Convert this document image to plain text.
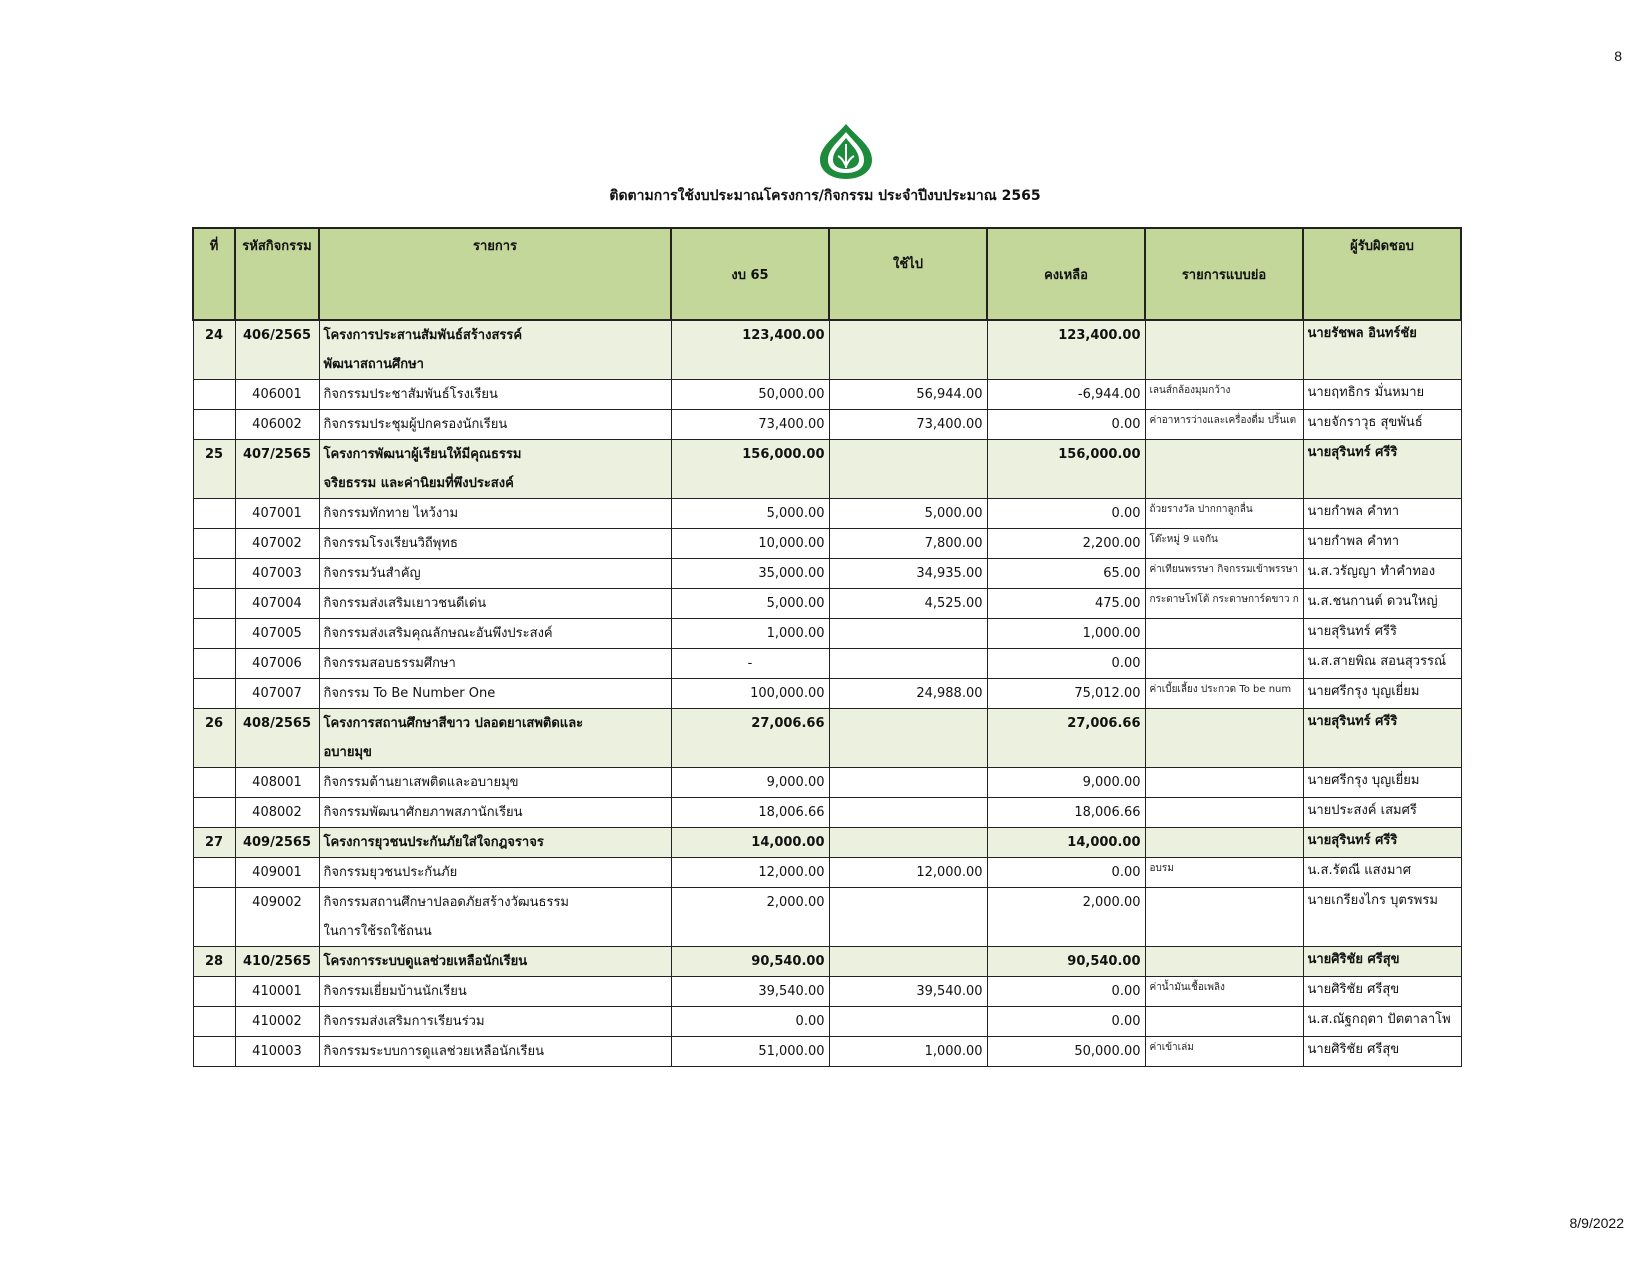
8
ติดตามการใช้งบประมาณโครงการ/กิจกรรม ประจำปีงบประมาณ 2565
ที่	รหัสกิจกรรม	รายการ	งบ 65	ใช้ไป	คงเหลือ	รายการแบบย่อ	ผู้รับผิดชอบ
24	406/2565	โครงการประสานสัมพันธ์สร้างสรรค์
พัฒนาสถานศึกษา	123,400.00		123,400.00		นายรัชพล อินทร์ชัย
	406001	กิจกรรมประชาสัมพันธ์โรงเรียน	50,000.00	56,944.00	-6,944.00	เลนส์กล้องมุมกว้าง	นายฤทธิกร มั่นหมาย
	406002	กิจกรรมประชุมผู้ปกครองนักเรียน	73,400.00	73,400.00	0.00	ค่าอาหารว่างและเครื่องดื่ม ปริ้นเต	นายจักราวุธ สุขพันธ์
25	407/2565	โครงการพัฒนาผู้เรียนให้มีคุณธรรม
จริยธรรม และค่านิยมที่พึงประสงค์	156,000.00		156,000.00		นายสุรินทร์ ศรีริ
	407001	กิจกรรมทักทาย ไหว้งาม	5,000.00	5,000.00	0.00	ถ้วยรางวัล ปากกาลูกลื่น	นายกำพล คำทา
	407002	กิจกรรมโรงเรียนวิถีพุทธ	10,000.00	7,800.00	2,200.00	โต๊ะหมู่ 9 แจกัน	นายกำพล คำทา
	407003	กิจกรรมวันสำคัญ	35,000.00	34,935.00	65.00	ค่าเทียนพรรษา กิจกรรมเข้าพรรษา	น.ส.วรัญญา ทำคำทอง
	407004	กิจกรรมส่งเสริมเยาวชนดีเด่น	5,000.00	4,525.00	475.00	กระดาษโฟโต้ กระดาษการ์ดขาว ก	น.ส.ชนกานต์ ดวนใหญ่
	407005	กิจกรรมส่งเสริมคุณลักษณะอันพึงประสงค์	1,000.00		1,000.00		นายสุรินทร์ ศรีริ
	407006	กิจกรรมสอบธรรมศึกษา	-		0.00		น.ส.สายพิณ สอนสุวรรณ์
	407007	กิจกรรม To Be Number One	100,000.00	24,988.00	75,012.00	ค่าเบี้ยเลี้ยง ประกวด To be num	นายศรีกรุง บุญเยี่ยม
26	408/2565	โครงการสถานศึกษาสีขาว ปลอดยาเสพติดและ
อบายมุข	27,006.66		27,006.66		นายสุรินทร์ ศรีริ
	408001	กิจกรรมต้านยาเสพติดและอบายมุข	9,000.00		9,000.00		นายศรีกรุง บุญเยี่ยม
	408002	กิจกรรมพัฒนาศักยภาพสภานักเรียน	18,006.66		18,006.66		นายประสงค์ เสมศรี
27	409/2565	โครงการยุวชนประกันภัยใส่ใจกฎจราจร	14,000.00		14,000.00		นายสุรินทร์ ศรีริ
	409001	กิจกรรมยุวชนประกันภัย	12,000.00	12,000.00	0.00	อบรม	น.ส.รัตณี แสงมาศ
	409002	กิจกรรมสถานศึกษาปลอดภัยสร้างวัฒนธรรม
ในการใช้รถใช้ถนน	2,000.00		2,000.00		นายเกรียงไกร บุตรพรม
28	410/2565	โครงการระบบดูแลช่วยเหลือนักเรียน	90,540.00		90,540.00		นายศิริชัย ศรีสุข
	410001	กิจกรรมเยี่ยมบ้านนักเรียน	39,540.00	39,540.00	0.00	ค่าน้ำมันเชื้อเพลิง	นายศิริชัย ศรีสุข
	410002	กิจกรรมส่งเสริมการเรียนร่วม	0.00		0.00		น.ส.ณัฐกฤตา ปัตตาลาโพ
	410003	กิจกรรมระบบการดูแลช่วยเหลือนักเรียน	51,000.00	1,000.00	50,000.00	ค่าเข้าเล่ม	นายศิริชัย ศรีสุข
8/9/2022
